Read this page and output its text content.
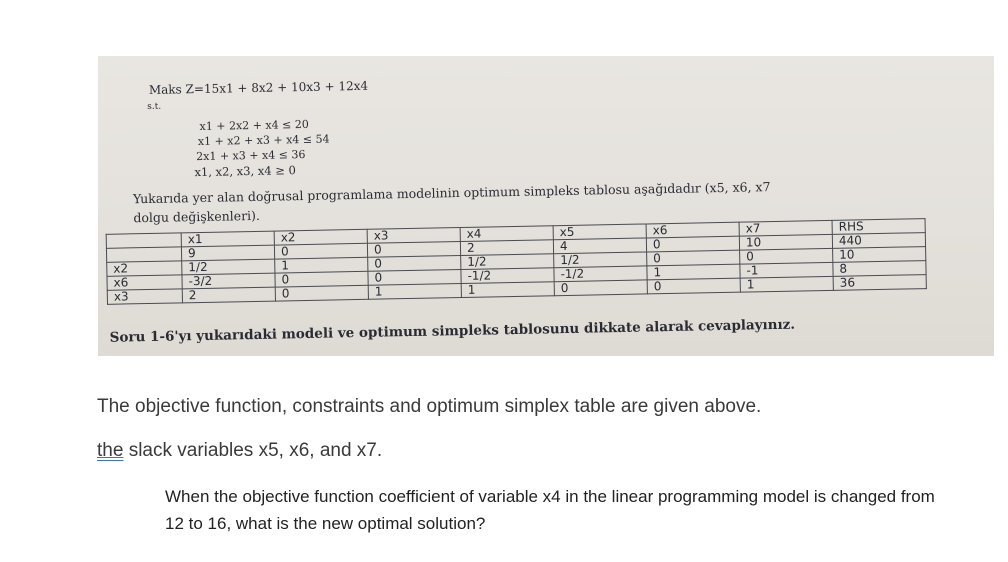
Maks Z=15x1 + 8x2 + 10x3 + 12x4
s.t.
x1 + 2x2 + x4 ≤ 20
x1 + x2 + x3 + x4 ≤ 54
2x1 + x3 + x4 ≤ 36
x1, x2, x3, x4 ≥ 0
Yukarıda yer alan doğrusal programlama modelinin optimum simpleks tablosu aşağıdadır (x5, x6, x7
dolgu değişkenleri).
	x1	x2	x3	x4	x5	x6	x7	RHS
	9	0	0	2	4	0	10	440
x2	1/2	1	0	1/2	1/2	0	0	10
x6	-3/2	0	0	-1/2	-1/2	1	-1	8
x3	2	0	1	1	0	0	1	36
Soru 1-6'yı yukarıdaki modeli ve optimum simpleks tablosunu dikkate alarak cevaplayınız.
The objective function, constraints and optimum simplex table are given above.
the slack variables x5, x6, and x7.
When the objective function coefficient of variable x4 in the linear programming model is changed from 12 to 16, what is the new optimal solution?
